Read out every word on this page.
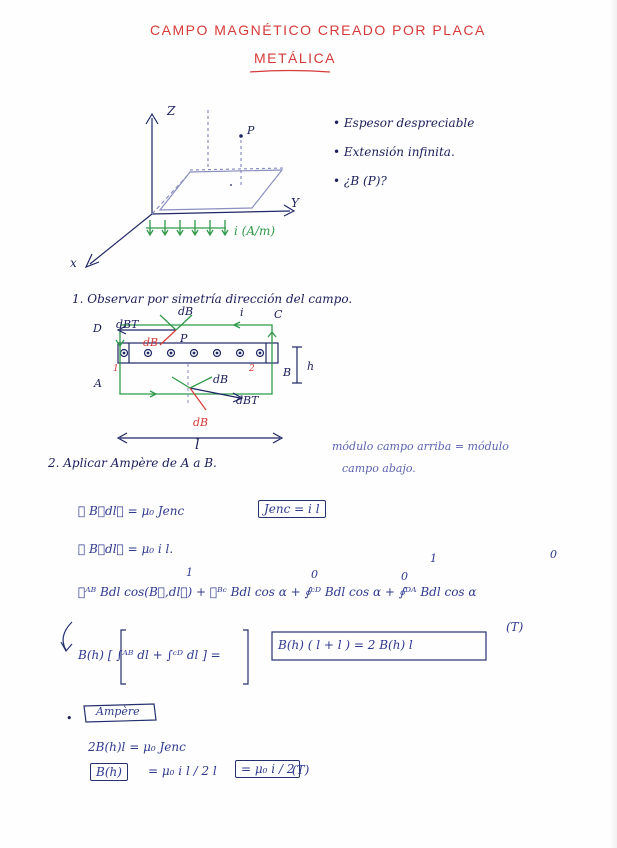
CAMPO MAGNÉTICO CREADO POR PLACA
METÁLICA
Z
Y
x
P
i (A/m)
• Espesor despreciable
• Extensión infinita.
• ¿B (P)?
1. Observar por simetría dirección del campo.
D
C
A
B
dBT
dB	i
dB P
dB
dBT
dB
h
l
1	2
2. Aplicar Ampère de A a B.
módulo campo arriba = módulo
campo abajo.
∮ B⃗dl⃗ = μ₀ Jenc	Jenc = i l
∮ B⃗dl⃗ = μ₀ i l.
∮ᴬᴮ Bdl cos(B⃗,dl⃗) + ∮ᴮᶜ Bdl cos α + ∮ᶜᴰ Bdl cos α + ∮ᴰᴬ Bdl cos α
1	0	0
1	0
B(h) [ ∫ᴬᴮ dl + ∫ᶜᴰ dl ] =
B(h) ( l + l ) = 2 B(h) l
(T)
•
Ampère
2B(h)l = μ₀ Jenc
B(h)	= μ₀ i l / 2 l	= μ₀ i / 2
(T)
